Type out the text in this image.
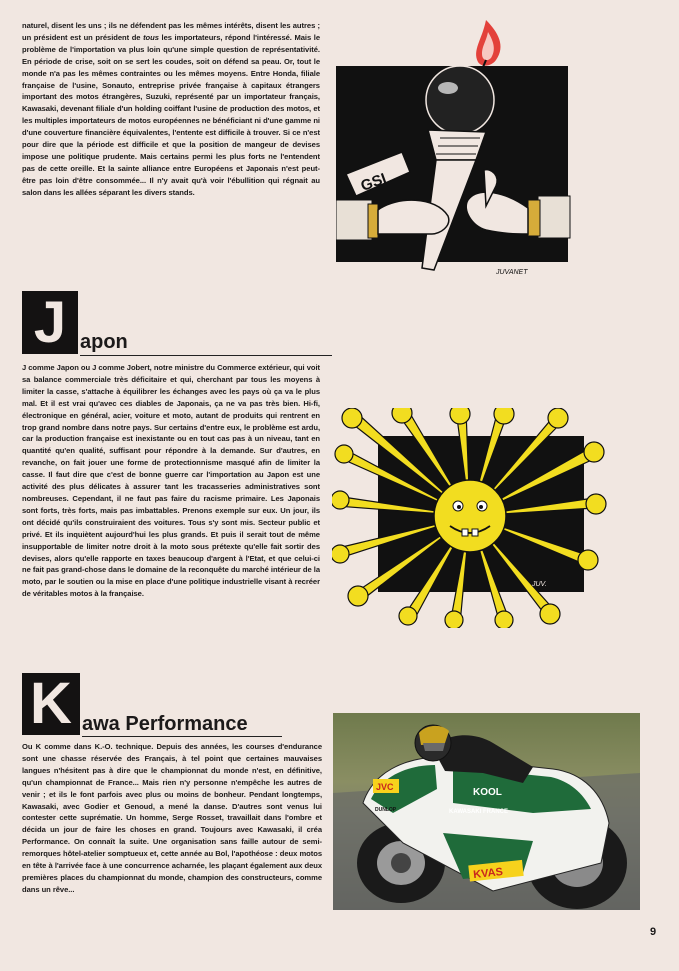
naturel, disent les uns ; ils ne défendent pas les mêmes intérêts, disent les autres ; un président est un président de tous les importateurs, répond l'intéressé. Mais le problème de l'importation va plus loin qu'une simple question de représentativité. En période de crise, soit on se sert les coudes, soit on défend sa peau. Or, tout le monde n'a pas les mêmes contraintes ou les mêmes moyens. Entre Honda, filiale française de l'usine, Sonauto, entreprise privée française à capitaux étrangers important des motos étrangères, Suzuki, représenté par un importateur français, Kawasaki, devenant filiale d'un holding coiffant l'usine de production des motos, et les multiples importateurs de motos européennes ne bénéficiant ni d'une gamme ni d'une couverture financière équivalentes, l'entente est difficile à trouver. Si ce n'est pour dire que la période est difficile et que la position de mangeur de devises impose une politique prudente. Mais certains permi les plus forts ne l'entendent pas de cette oreille. Et la sainte alliance entre Européens et Japonais n'est peut-être pas loin d'être consommée... Il n'y avait qu'à voir l'ébullition qui régnait au salon dans les allées séparant les divers stands.	GSI
JUVANET
J apon

J comme Japon ou J comme Jobert, notre ministre du Commerce extérieur, qui voit sa balance commerciale très déficitaire et qui, cherchant par tous les moyens à limiter la casse, s'attache à équilibrer les échanges avec les pays où ça va le plus mal. Et il est vrai qu'avec ces diables de Japonais, ça ne va pas très bien. Hi-fi, électronique en général, acier, voiture et moto, autant de produits qui rentrent en trop grand nombre dans notre pays. Sur certains d'entre eux, le problème est ardu, car la production française est inexistante ou en tout cas pas à un niveau, tant en quantité qu'en qualité, suffisant pour répondre à la demande. Sur d'autres, en revanche, on fait jouer une forme de protectionnisme masqué afin de limiter la casse. Il faut dire que c'est de bonne guerre car l'importation au Japon est une activité des plus délicates à assurer tant les tracasseries administratives sont nombreuses. Cependant, il ne faut pas faire du racisme primaire. Les Japonais sont forts, très forts, mais pas imbattables. Prenons exemple sur eux. Un jour, ils ont décidé qu'ils construiraient des voitures. Tous s'y sont mis. Secteur public et privé. Et ils inquiètent aujourd'hui les plus grands. Et puis il serait tout de même insupportable de limiter notre droit à la moto sous prétexte qu'elle fait sortir des devises, alors qu'elle rapporte en taxes beaucoup d'argent à l'Etat, et que celui-ci ne fait pas grand-chose dans le domaine de la reconquête du marché intérieur de la moto, par le soutien ou la mise en place d'une politique industrielle visant à recréer de véritables motos à la française.

JUV.
K awa Performance

Ou K comme dans K.-O. technique. Depuis des années, les courses d'endurance sont une chasse réservée des Français, à tel point que certaines mauvaises langues n'hésitent pas à dire que le championnat du monde n'est, en définitive, qu'un championnat de France... Mais rien n'y personne n'empêche les autres de venir ; et ils le font parfois avec plus ou moins de bonheur. Pendant longtemps, Kawasaki, avec Godier et Genoud, a mené la danse. D'autres sont venus lui contester cette suprématie. Un homme, Serge Rosset, travaillait dans l'ombre et décida un jour de faire les choses en grand. Toujours avec Kawasaki, il créa Performance. On connaît la suite. Une organisation sans faille autour de semi-remorques hôtel-atelier somptueux et, cette année au Bol, l'apothéose : deux motos en tête à l'arrivée face à une concurrence acharnée, les plaçant également aux deux premières places du championnat du monde, champion des constructeurs, comme dans un rêve...

KOOL
KAWASAKI FRANCE
JVC
KVAS
DUNLOP
9
